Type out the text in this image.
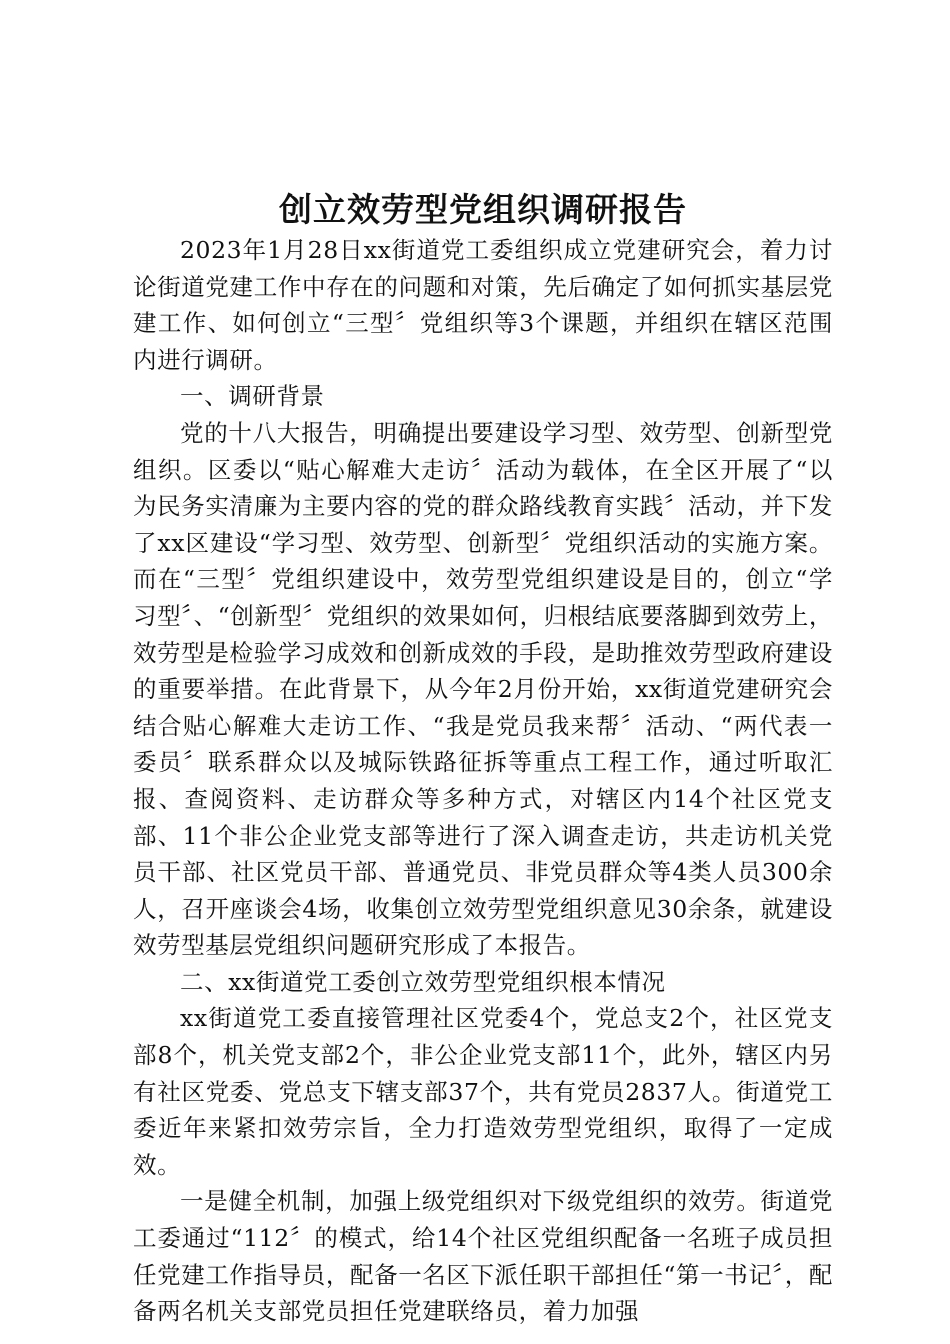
创立效劳型党组织调研报告

2023年1月28日xx街道党工委组织成立党建研究会，着力讨论街道党建工作中存在的问题和对策，先后确定了如何抓实基层党建工作、如何创立“三型〞党组织等3个课题，并组织在辖区范围内进行调研。

一、调研背景

党的十八大报告，明确提出要建设学习型、效劳型、创新型党组织。区委以“贴心解难大走访〞活动为载体，在全区开展了“以为民务实清廉为主要内容的党的群众路线教育实践〞活动，并下发了xx区建设“学习型、效劳型、创新型〞党组织活动的实施方案。而在“三型〞党组织建设中，效劳型党组织建设是目的，创立“学习型〞、“创新型〞党组织的效果如何，归根结底要落脚到效劳上，效劳型是检验学习成效和创新成效的手段，是助推效劳型政府建设的重要举措。在此背景下，从今年2月份开始，xx街道党建研究会结合贴心解难大走访工作、“我是党员我来帮〞活动、“两代表一委员〞联系群众以及城际铁路征拆等重点工程工作，通过听取汇报、查阅资料、走访群众等多种方式，对辖区内14个社区党支部、11个非公企业党支部等进行了深入调查走访，共走访机关党员干部、社区党员干部、普通党员、非党员群众等4类人员300余人，召开座谈会4场，收集创立效劳型党组织意见30余条，就建设效劳型基层党组织问题研究形成了本报告。

二、xx街道党工委创立效劳型党组织根本情况

xx街道党工委直接管理社区党委4个，党总支2个，社区党支部8个，机关党支部2个，非公企业党支部11个，此外，辖区内另有社区党委、党总支下辖支部37个，共有党员2837人。街道党工委近年来紧扣效劳宗旨，全力打造效劳型党组织，取得了一定成效。

一是健全机制，加强上级党组织对下级党组织的效劳。街道党工委通过“112〞的模式，给14个社区党组织配备一名班子成员担任党建工作指导员，配备一名区下派任职干部担任“第一书记〞，配备两名机关支部党员担任党建联络员，着力加强
